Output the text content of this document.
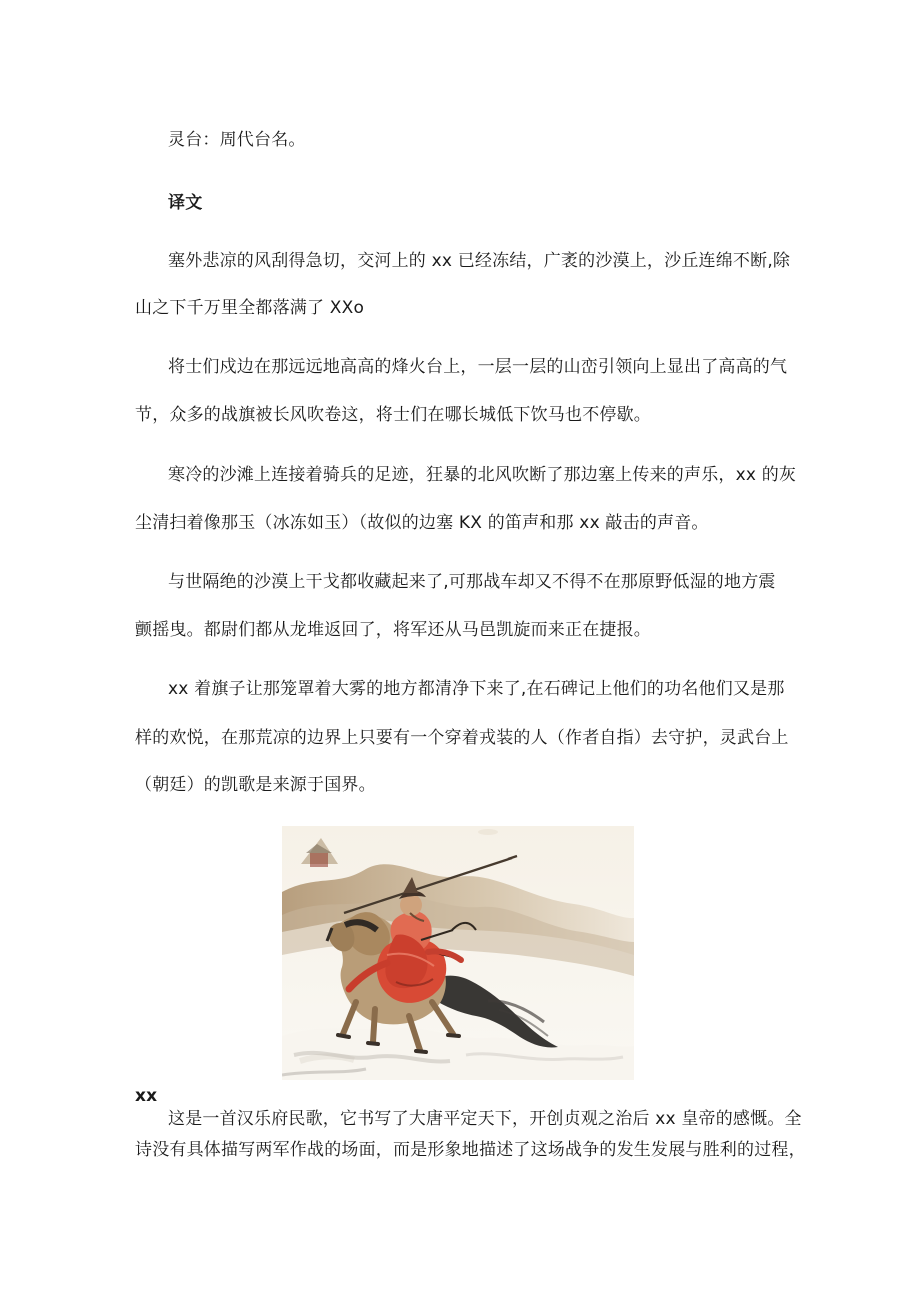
灵台：周代台名。
译文
塞外悲凉的风刮得急切，交河上的 xx 已经冻结，广袤的沙漠上，沙丘连绵不断,除
山之下千万里全都落满了 XXo
将士们戍边在那远远地高高的烽火台上，一层一层的山峦引领向上显出了高高的气
节，众多的战旗被长风吹卷这，将士们在哪长城低下饮马也不停歇。
寒冷的沙滩上连接着骑兵的足迹，狂暴的北风吹断了那边塞上传来的声乐，xx 的灰
尘清扫着像那玉（冰冻如玉）（故似的边塞 KX 的笛声和那 xx 敲击的声音。
与世隔绝的沙漠上干戈都收藏起来了,可那战车却又不得不在那原野低湿的地方震
颤摇曳。都尉们都从龙堆返回了，将军还从马邑凯旋而来正在捷报。
xx 着旗子让那笼罩着大雾的地方都清净下来了,在石碑记上他们的功名他们又是那
样的欢悦，在那荒凉的边界上只要有一个穿着戎装的人（作者自指）去守护，灵武台上
（朝廷）的凯歌是来源于国界。
xx
这是一首汉乐府民歌，它书写了大唐平定天下，开创贞观之治后 xx 皇帝的感慨。全
诗没有具体描写两军作战的场面，而是形象地描述了这场战争的发生发展与胜利的过程，
